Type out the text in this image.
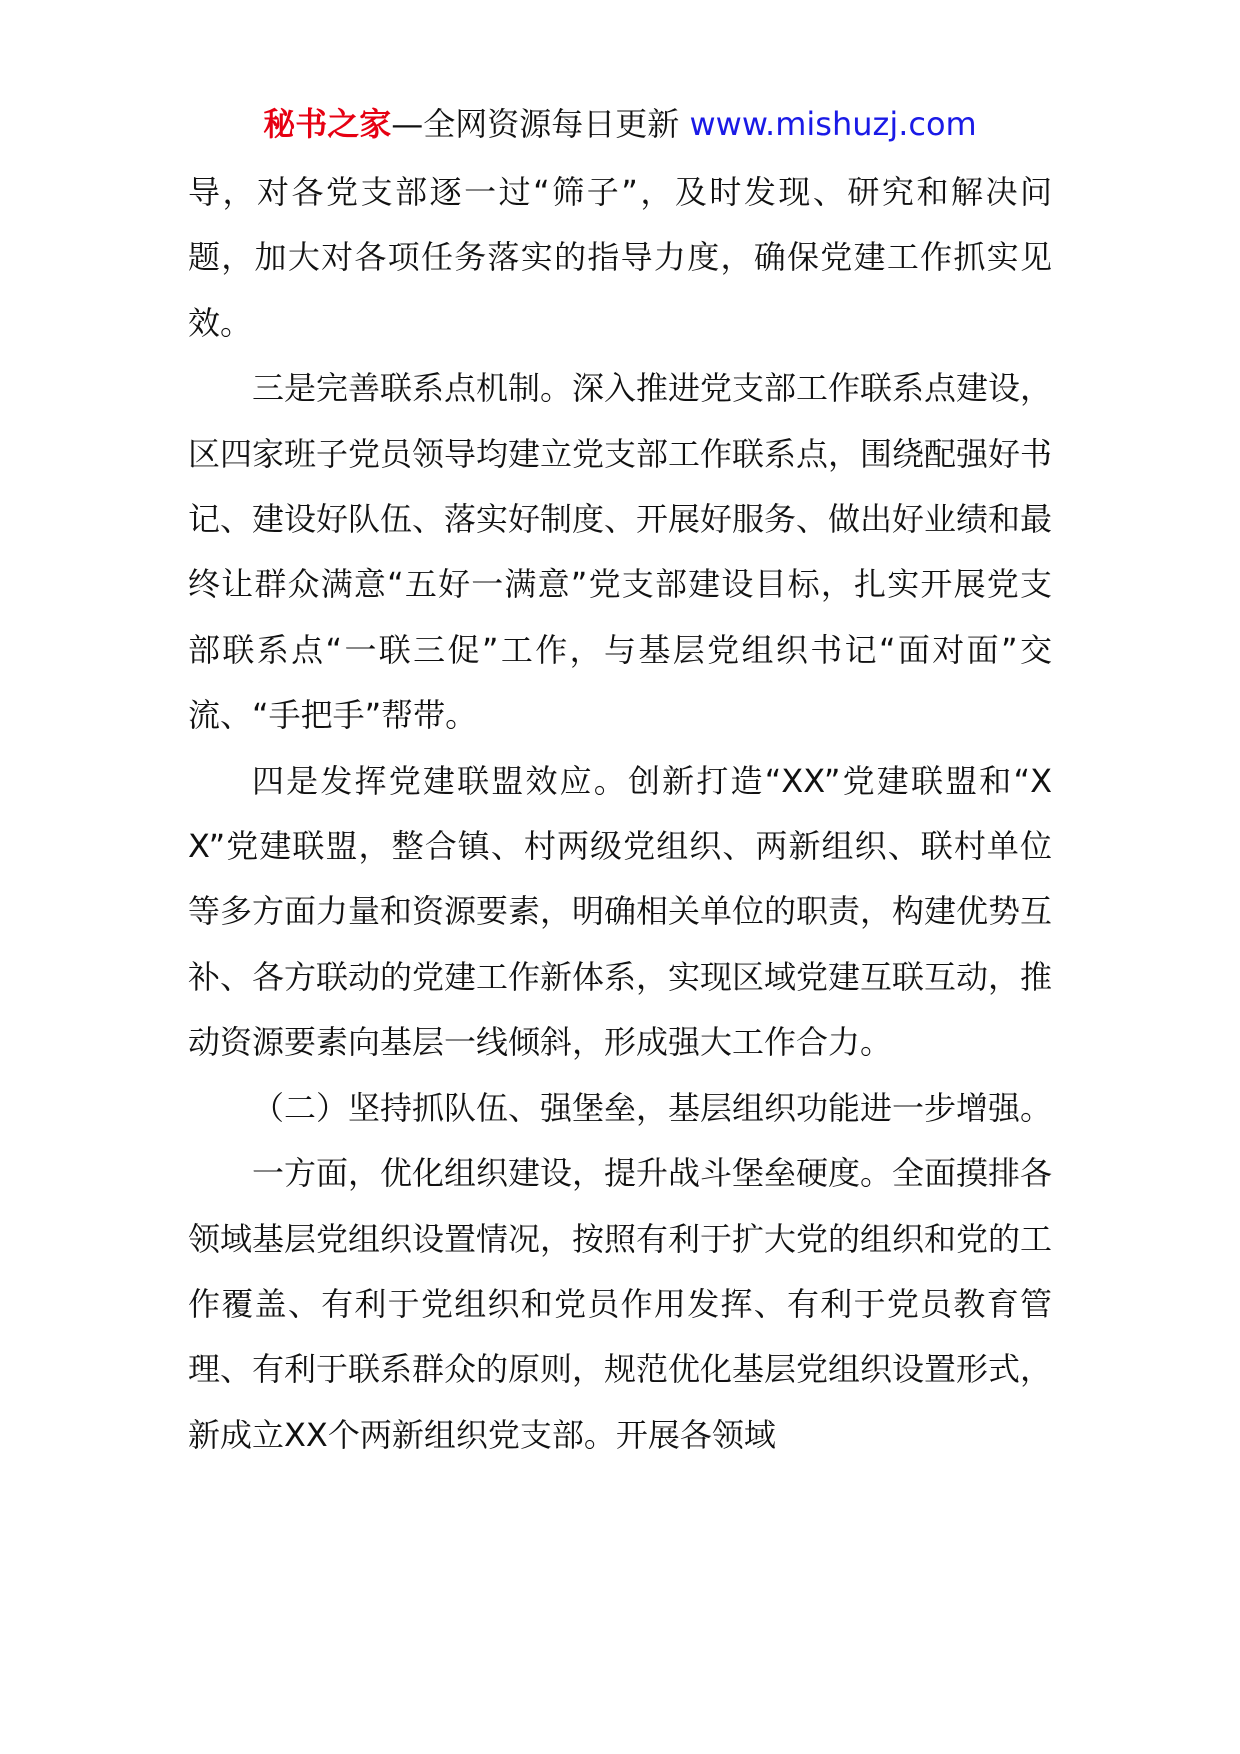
秘书之家—全网资源每日更新 www.mishuzj.com

导，对各党支部逐一过“筛子”，及时发现、研究和解决问题，加大对各项任务落实的指导力度，确保党建工作抓实见效。

三是完善联系点机制。深入推进党支部工作联系点建设，区四家班子党员领导均建立党支部工作联系点，围绕配强好书记、建设好队伍、落实好制度、开展好服务、做出好业绩和最终让群众满意“五好一满意”党支部建设目标，扎实开展党支部联系点“一联三促”工作，与基层党组织书记“面对面”交流、“手把手”帮带。

四是发挥党建联盟效应。创新打造“XX”党建联盟和“XX”党建联盟，整合镇、村两级党组织、两新组织、联村单位等多方面力量和资源要素，明确相关单位的职责，构建优势互补、各方联动的党建工作新体系，实现区域党建互联互动，推动资源要素向基层一线倾斜，形成强大工作合力。

（二）坚持抓队伍、强堡垒，基层组织功能进一步增强。

一方面，优化组织建设，提升战斗堡垒硬度。全面摸排各领域基层党组织设置情况，按照有利于扩大党的组织和党的工作覆盖、有利于党组织和党员作用发挥、有利于党员教育管理、有利于联系群众的原则，规范优化基层党组织设置形式，新成立XX个两新组织党支部。开展各领域
